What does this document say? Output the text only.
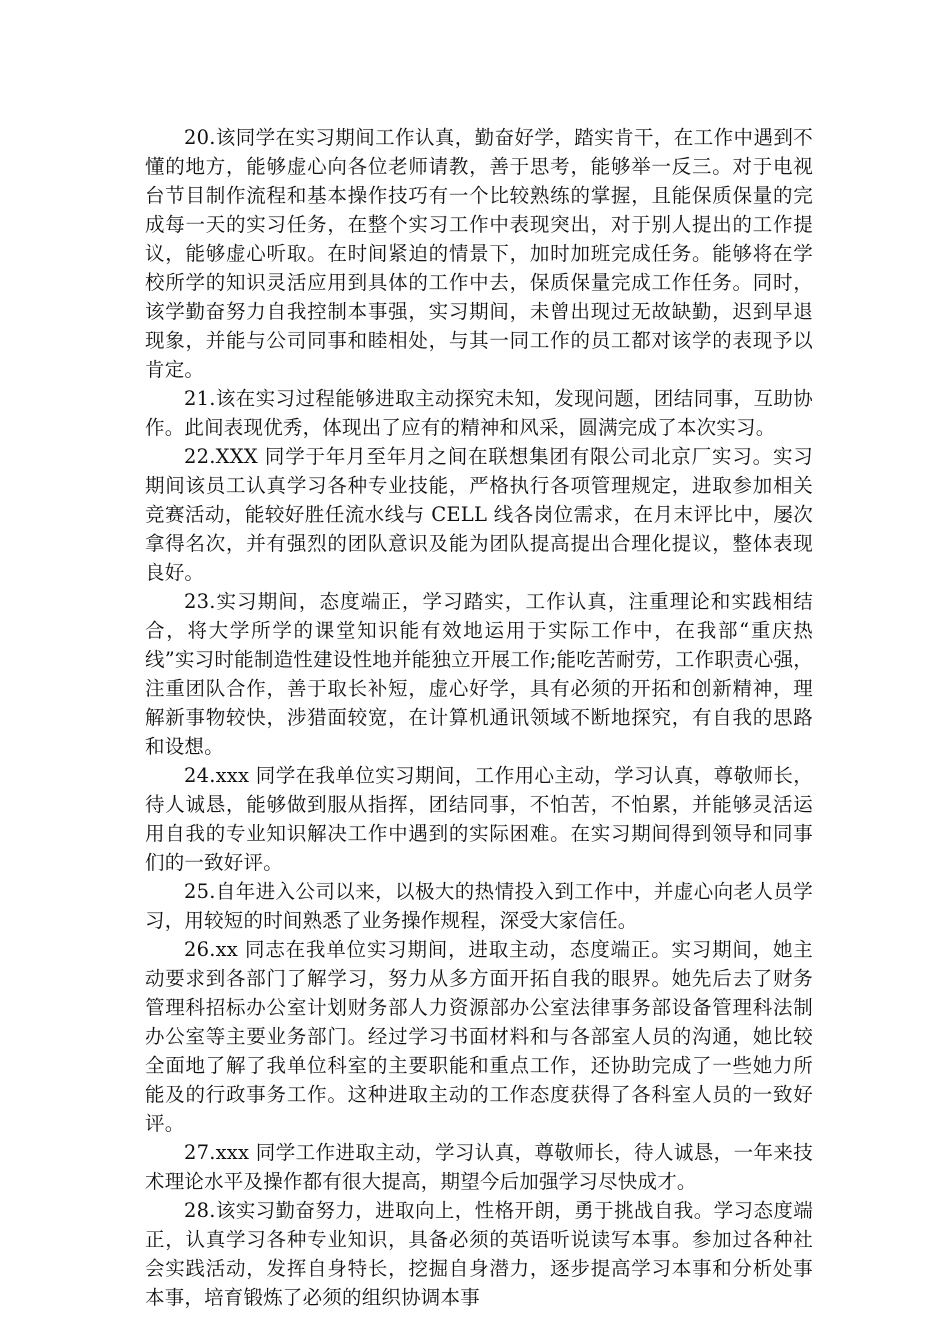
20.该同学在实习期间工作认真，勤奋好学，踏实肯干，在工作中遇到不懂的地方，能够虚心向各位老师请教，善于思考，能够举一反三。对于电视台节目制作流程和基本操作技巧有一个比较熟练的掌握，且能保质保量的完成每一天的实习任务，在整个实习工作中表现突出，对于别人提出的工作提议，能够虚心听取。在时间紧迫的情景下，加时加班完成任务。能够将在学校所学的知识灵活应用到具体的工作中去，保质保量完成工作任务。同时，该学勤奋努力自我控制本事强，实习期间，未曾出现过无故缺勤，迟到早退现象，并能与公司同事和睦相处，与其一同工作的员工都对该学的表现予以肯定。

21.该在实习过程能够进取主动探究未知，发现问题，团结同事，互助协作。此间表现优秀，体现出了应有的精神和风采，圆满完成了本次实习。

22.XXX 同学于年月至年月之间在联想集团有限公司北京厂实习。实习期间该员工认真学习各种专业技能，严格执行各项管理规定，进取参加相关竞赛活动，能较好胜任流水线与 CELL 线各岗位需求，在月末评比中，屡次拿得名次，并有强烈的团队意识及能为团队提高提出合理化提议，整体表现良好。

23.实习期间，态度端正，学习踏实，工作认真，注重理论和实践相结合，将大学所学的课堂知识能有效地运用于实际工作中，在我部“重庆热线”实习时能制造性建设性地并能独立开展工作;能吃苦耐劳，工作职责心强，注重团队合作，善于取长补短，虚心好学，具有必须的开拓和创新精神，理解新事物较快，涉猎面较宽，在计算机通讯领域不断地探究，有自我的思路和设想。

24.xxx 同学在我单位实习期间，工作用心主动，学习认真，尊敬师长，待人诚恳，能够做到服从指挥，团结同事，不怕苦，不怕累，并能够灵活运用自我的专业知识解决工作中遇到的实际困难。在实习期间得到领导和同事们的一致好评。

25.自年进入公司以来，以极大的热情投入到工作中，并虚心向老人员学习，用较短的时间熟悉了业务操作规程，深受大家信任。

26.xx 同志在我单位实习期间，进取主动，态度端正。实习期间，她主动要求到各部门了解学习，努力从多方面开拓自我的眼界。她先后去了财务管理科招标办公室计划财务部人力资源部办公室法律事务部设备管理科法制办公室等主要业务部门。经过学习书面材料和与各部室人员的沟通，她比较全面地了解了我单位科室的主要职能和重点工作，还协助完成了一些她力所能及的行政事务工作。这种进取主动的工作态度获得了各科室人员的一致好评。

27.xxx 同学工作进取主动，学习认真，尊敬师长，待人诚恳，一年来技术理论水平及操作都有很大提高，期望今后加强学习尽快成才。

28.该实习勤奋努力，进取向上，性格开朗，勇于挑战自我。学习态度端正，认真学习各种专业知识，具备必须的英语听说读写本事。参加过各种社会实践活动，发挥自身特长，挖掘自身潜力，逐步提高学习本事和分析处事本事，培育锻炼了必须的组织协调本事
